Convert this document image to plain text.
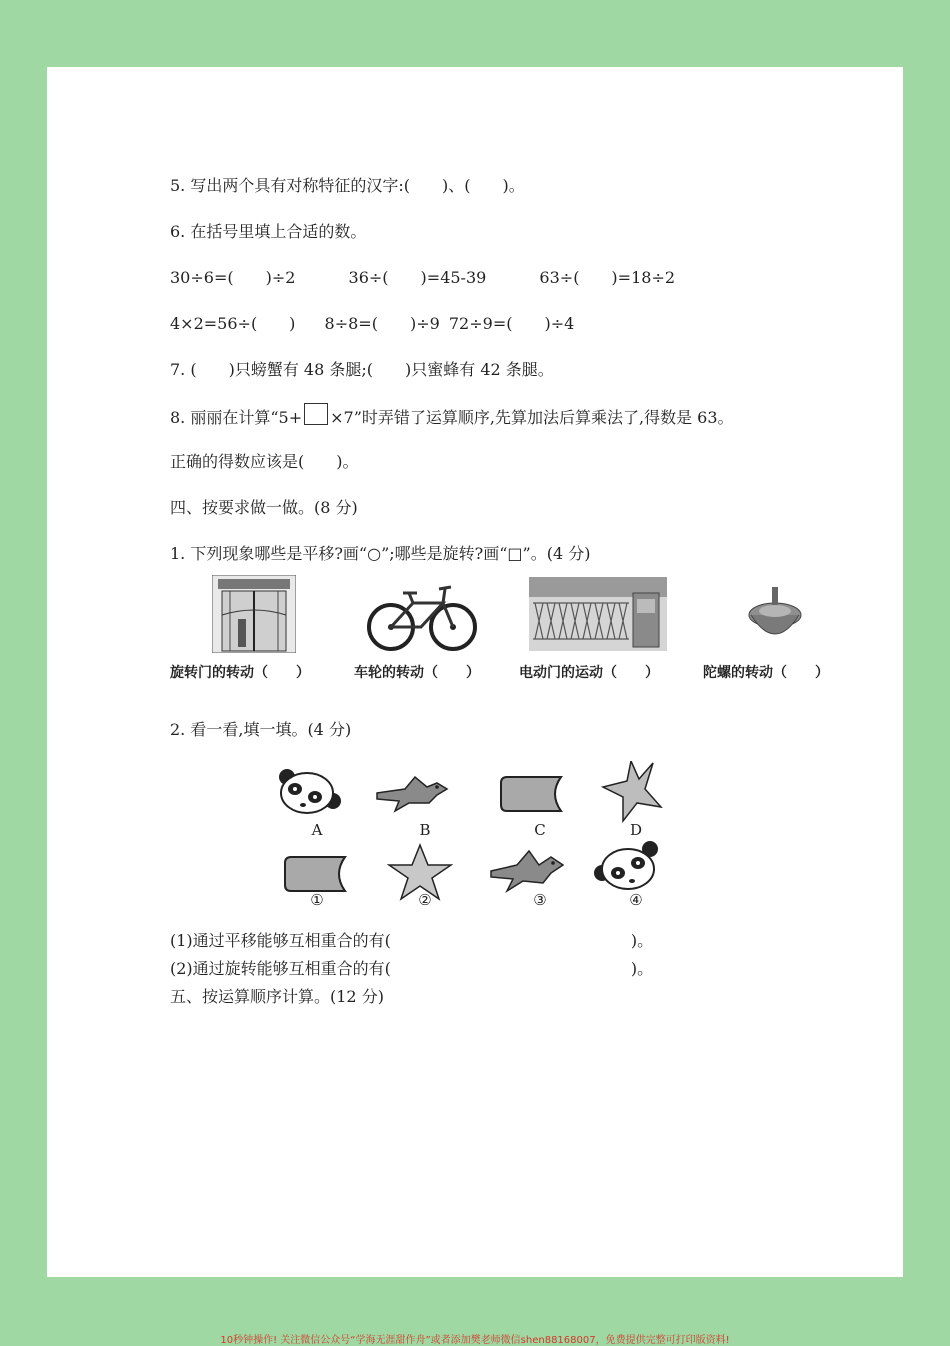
5. 写出两个具有对称特征的汉字:(　　)、(　　)。
6. 在括号里填上合适的数。
30÷6=(　　)÷2	36÷(　　)=45-39	63÷(　　)=18÷2
4×2=56÷(　　) 8÷8=(　　)÷9 72÷9=(　　)÷4
7. (　　)只螃蟹有 48 条腿;(　　)只蜜蜂有 42 条腿。
8. 丽丽在计算“5+ ×7”时弄错了运算顺序,先算加法后算乘法了,得数是 63。
正确的得数应该是(　　)。
四、按要求做一做。(8 分)
1. 下列现象哪些是平移?画“○”;哪些是旋转?画“□”。(4 分)
旋转门的转动（　　）	车轮的转动（　　）	电动门的运动（　　）	陀螺的转动（　　）
2. 看一看,填一填。(4 分)
A	B	C	D
①	②	③	④
(1)通过平移能够互相重合的有(　　　　　　　　　　　　　　　)。
(2)通过旋转能够互相重合的有(　　　　　　　　　　　　　　　)。
五、按运算顺序计算。(12 分)
10秒钟操作! 关注微信公众号“学海无涯甜作舟”或者添加樊老师微信shen88168007，免费提供完整可打印版资料!
